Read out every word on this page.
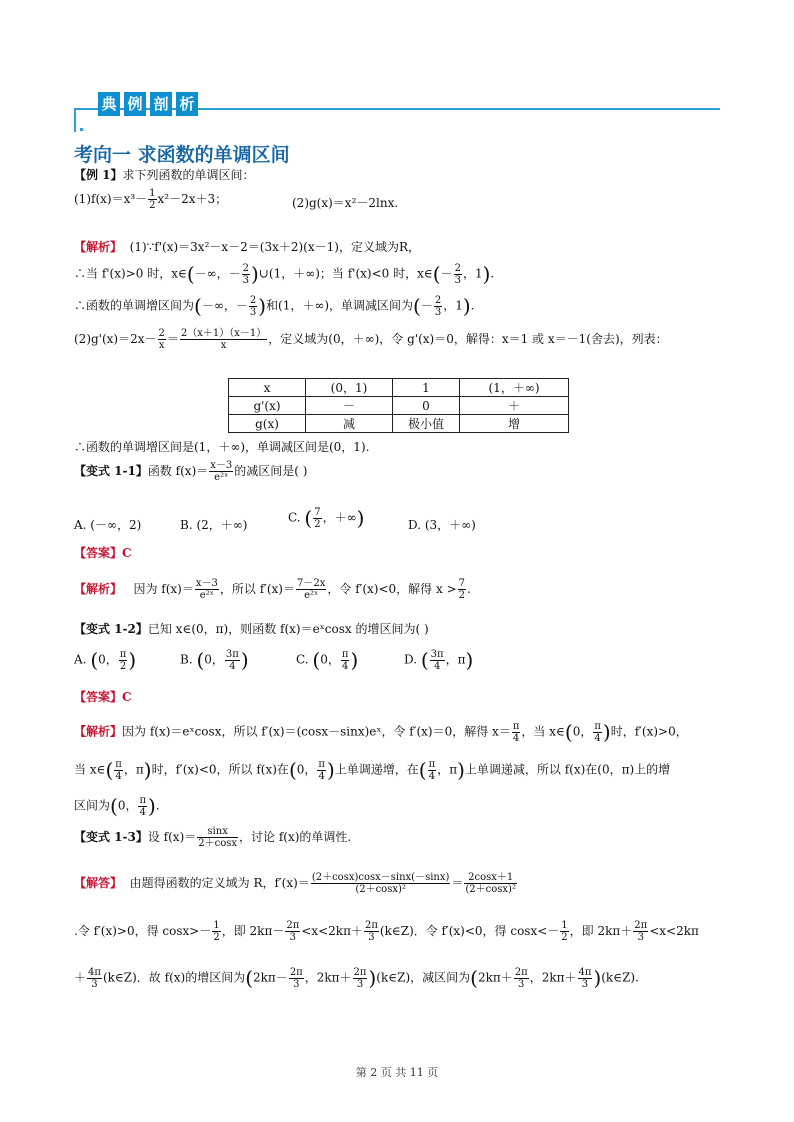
典 例 剖 析
考向一 求函数的单调区间
【例 1】求下列函数的单调区间：
$(1)f(x)=x^3- \frac{1}{2} x^2-2x+3$；	(2)g(x)＝x²－2lnx.
【解析】 (1)∵f'(x)＝3x²－x－2＝(3x＋2)(x－1)，定义域为R，
∴当 f'(x)>0 时，x∈(－∞，－ $\frac{2}{3}$ )∪(1，＋∞)；当 f'(x)<0 时，x∈(－ $\frac{2}{3}$ ，1).
∴函数的单调增区间为(－∞，－ $\frac{2}{3}$ )和(1，＋∞)，单调减区间为(－ $\frac{2}{3}$ ，1).
$(2)g'(x)=2x- \frac{2}{x} = \frac{2(x+1)(x-1)}{x}$ ，定义域为(0，＋∞)，令 g'(x)＝0，解得：x＝1 或 x＝－1(舍去)，列表：
x	(0，1)	1	(1，＋∞)
g'(x)	－	0	＋
g(x)	减	极小值	增
∴函数的单调增区间是(1，＋∞)，单调减区间是(0，1).
【变式 1-1】函数 $f(x)= \frac{x-3}{\text{e²ˣ}}$ 的减区间是( )
A. (－∞，2)	B. (2，＋∞)
C. ( $\frac{7}{2}$ ，＋∞)	D. (3，＋∞)
【答案】C
【解析】 因为 $f(x)= \frac{x-3}{\text{e²ˣ}}$ ，所以 $f'(x)= \frac{7-2x}{\text{e²ˣ}}$ ，令 f′(x)<0，解得 $x > \frac{7}{2}$ .
【变式 1-2】已知 x∈(0，π)，则函数 f(x)＝eˣcosx 的增区间为( )
A. (0， $\frac{\pi}{2}$ )	B. (0， $\frac{3\pi}{4}$ )	C. (0， $\frac{\pi}{4}$ )	D. ( $\frac{3\pi}{4}$ ，π)
【答案】C
【解析】因为 f(x)＝eˣcosx，所以 f′(x)＝(cosx－sinx)eˣ，令 f′(x)＝0，解得 $x= \frac{\pi}{4}$ ，当 x∈(0， $\frac{\pi}{4}$ )时，f′(x)>0，
当 x∈( $\frac{\pi}{4}$ ，π)时，f′(x)<0，所以 f(x)在(0， $\frac{\pi}{4}$ )上单调递增，在( $\frac{\pi}{4}$ ，π)上单调递减，所以 f(x)在(0，π)上的增
区间为(0， $\frac{\pi}{4}$ ).
【变式 1-3】设 $f(x)= \frac{\sin x}{2+\cos x}$ ，讨论 f(x)的单调性.
【解答】 由题得函数的定义域为 R，$f'(x)= \frac{(2+\cos x)\cos x-\sin x(-\sin x)}{\text{(2＋cosx)²}} = \frac{2\cos x+1}{\text{(2＋cosx)²}}$
.令 f′(x)>0，得 $\cos x>- \frac{1}{2}$ ，即 $2k\pi- \frac{2\pi}{3} <x<2k\pi+ \frac{2\pi}{3}$ (k∈Z)．令 f′(x)<0，得 $\cos x<- \frac{1}{2}$ ，即 $2k\pi+ \frac{2\pi}{3} <x<2k\pi$
＋ $\frac{4\pi}{3}$ (k∈Z)．故 f(x)的增区间为($2k\pi- \frac{2\pi}{3}$ ，$2k\pi+ \frac{2\pi}{3}$ )(k∈Z)，减区间为($2k\pi+ \frac{2\pi}{3}$ ，$2k\pi+ \frac{4\pi}{3}$ )(k∈Z).
第 2 页 共 11 页
